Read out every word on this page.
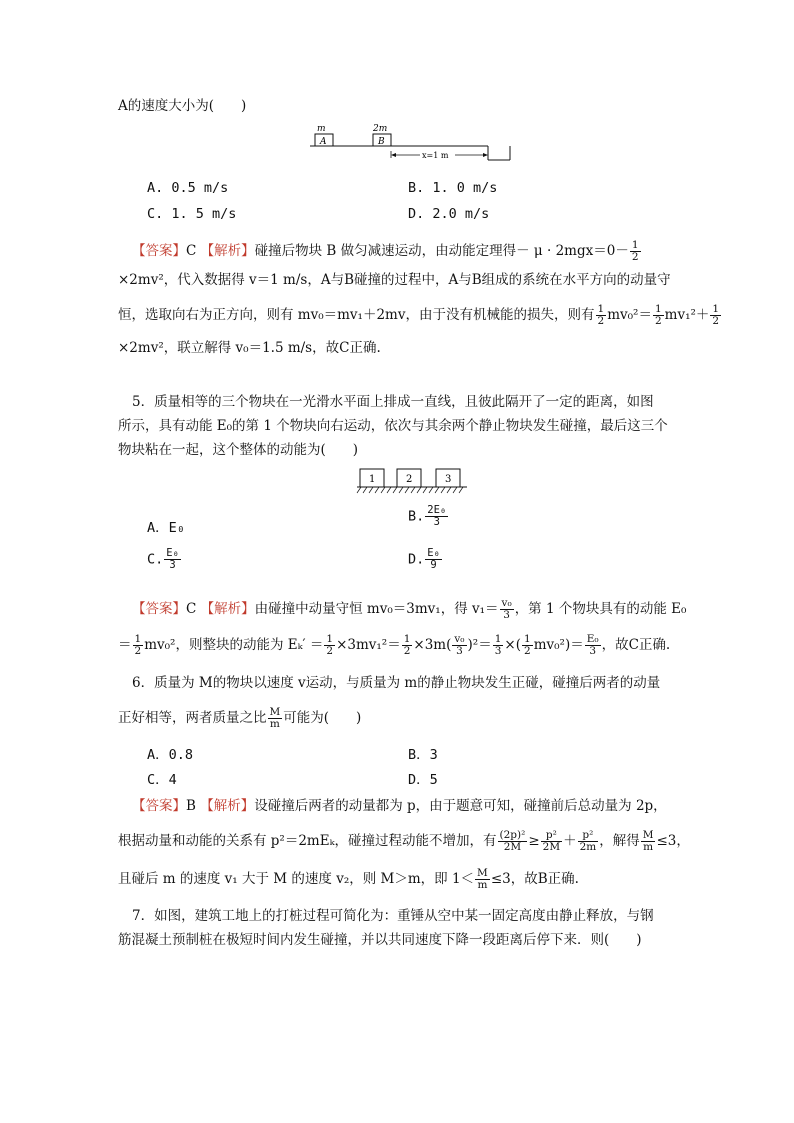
A的速度大小为(　　)
m	2m
A	B
x=1 m
A. 0.5 m/s	B. 1. 0 m/s
C. 1. 5 m/s	D. 2.0 m/s
【答案】C 【解析】碰撞后物块 B 做匀减速运动，由动能定理得－ $\mu \cdot 2mgx=0- \frac{1}{2}$
×2mv²，代入数据得 v＝1 m/s，A与B碰撞的过程中，A与B组成的系统在水平方向的动量守
恒，选取向右为正方向，则有 mv₀＝mv₁＋2mv，由于没有机械能的损失，则有 $\frac{1}{2} mv_0^2= \frac{1}{2} mv_1^2+ \frac{1}{2}$
×2mv²，联立解得 v₀＝1.5 m/s，故C正确.
5．质量相等的三个物块在一光滑水平面上排成一直线，且彼此隔开了一定的距离，如图
所示，具有动能 E₀的第 1 个物块向右运动，依次与其余两个静止物块发生碰撞，最后这三个
物块粘在一起，这个整体的动能为(　　)
1	2	3
A．E₀
B. $\frac{\text{2E₀}}{3}$
C. $\frac{\text{E₀}}{3}$	D. $\frac{\text{E₀}}{9}$
【答案】C 【解析】由碰撞中动量守恒 mv₀＝3mv₁，得 $v_1= \frac{\text{v₀}}{3}$ ，第 1 个物块具有的动能 E₀
＝ $\frac{1}{2} mv_0^2$，则整块的动能为 $E_k' = \frac{1}{2} \times 3mv_1^2= \frac{1}{2} \times 3m( \frac{\text{v₀}}{3} )^2= \frac{1}{3}$ ×( $\frac{1}{2} mv_0^2)= \frac{\text{E₀}}{3}$ ，故C正确.
6．质量为 M的物块以速度 v运动，与质量为 m的静止物块发生正碰，碰撞后两者的动量
正好相等，两者质量之比 $\frac{M}{m}$ 可能为(　　)
A．0.8	B．3
C．4	D．5
【答案】B 【解析】设碰撞后两者的动量都为 p，由于题意可知，碰撞前后总动量为 2p，
根据动量和动能的关系有 p²＝2mEₖ，碰撞过程动能不增加，有 $\frac{\text{(2p)²}}{2M} \ge \frac{\text{p²}}{2M} + \frac{\text{p²}}{2m}$ ，解得 $\frac{M}{m} \le 3$，
且碰后 m 的速度 v₁ 大于 M 的速度 v₂，则 M＞m，即 $1< \frac{M}{m} \le 3$，故B正确.
7．如图，建筑工地上的打桩过程可简化为：重锤从空中某一固定高度由静止释放，与钢
筋混凝土预制桩在极短时间内发生碰撞，并以共同速度下降一段距离后停下来．则(　　)
